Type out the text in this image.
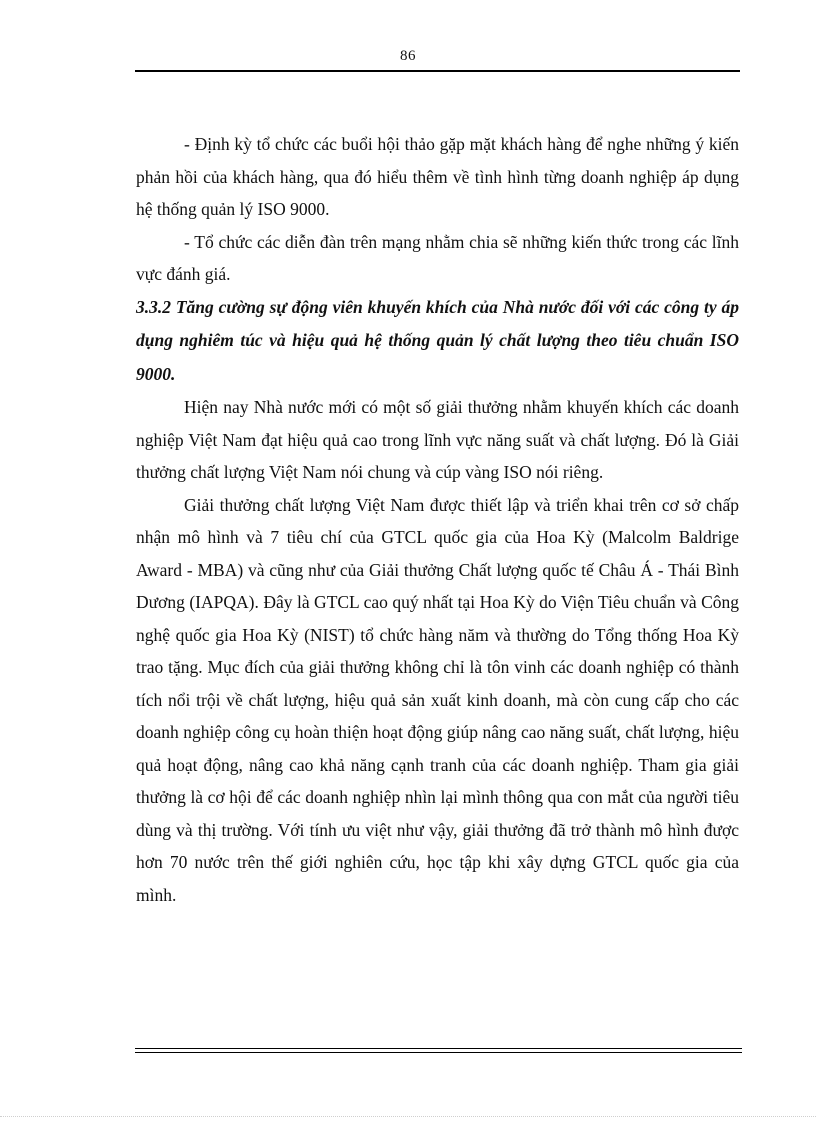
86

- Định kỳ tổ chức các buổi hội thảo gặp mặt khách hàng để nghe những ý kiến phản hồi của khách hàng, qua đó hiểu thêm về tình hình từng doanh nghiệp áp dụng hệ thống quản lý ISO 9000.

- Tổ chức các diễn đàn trên mạng nhằm chia sẽ những kiến thức trong các lĩnh vực đánh giá.

3.3.2 Tăng cường sự động viên khuyến khích của Nhà nước đối với các công ty áp dụng nghiêm túc và hiệu quả hệ thống quản lý chất lượng theo tiêu chuẩn ISO 9000.

Hiện nay Nhà nước mới có một số giải thưởng nhằm khuyến khích các doanh nghiệp Việt Nam đạt hiệu quả cao trong lĩnh vực năng suất và chất lượng. Đó là Giải thưởng chất lượng Việt Nam nói chung và cúp vàng ISO nói riêng.

Giải thưởng chất lượng Việt Nam được thiết lập và triển khai trên cơ sở chấp nhận mô hình và 7 tiêu chí của GTCL quốc gia của Hoa Kỳ (Malcolm Baldrige Award - MBA) và cũng như của Giải thưởng Chất lượng quốc tế Châu Á - Thái Bình Dương (IAPQA). Đây là GTCL cao quý nhất tại Hoa Kỳ do Viện Tiêu chuẩn và Công nghệ quốc gia Hoa Kỳ (NIST) tổ chức hàng năm và thường do Tổng thống Hoa Kỳ trao tặng. Mục đích của giải thưởng không chỉ là tôn vinh các doanh nghiệp có thành tích nổi trội về chất lượng, hiệu quả sản xuất kinh doanh, mà còn cung cấp cho các doanh nghiệp công cụ hoàn thiện hoạt động giúp nâng cao năng suất, chất lượng, hiệu quả hoạt động, nâng cao khả năng cạnh tranh của các doanh nghiệp. Tham gia giải thưởng là cơ hội để các doanh nghiệp nhìn lại mình thông qua con mắt của người tiêu dùng và thị trường. Với tính ưu việt như vậy, giải thưởng đã trở thành mô hình được hơn 70 nước trên thế giới nghiên cứu, học tập khi xây dựng GTCL quốc gia của mình.
